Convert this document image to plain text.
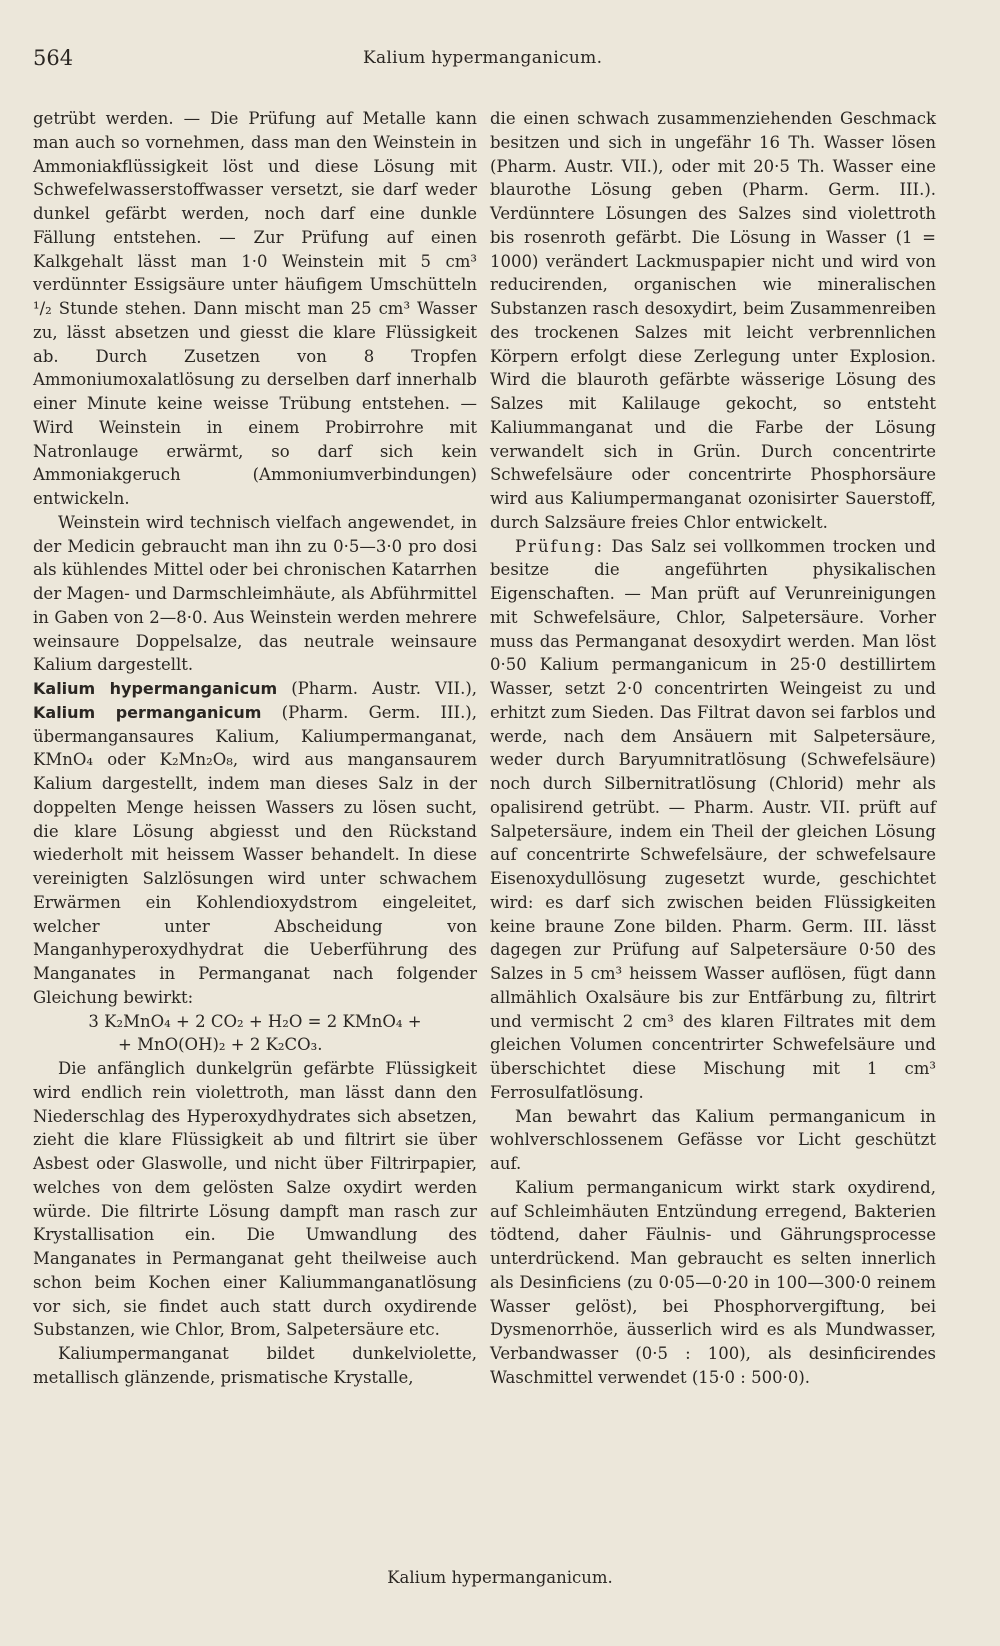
564	Kalium hypermanganicum.

getrübt werden. — Die Prüfung auf Metalle kann man auch so vornehmen, dass man den Weinstein in Ammoniakflüssigkeit löst und diese Lösung mit Schwefelwasserstoffwasser versetzt, sie darf weder dunkel gefärbt werden, noch darf eine dunkle Fällung entstehen. — Zur Prüfung auf einen Kalkgehalt lässt man 1·0 Weinstein mit 5 cm³ verdünnter Essigsäure unter häufigem Umschütteln ¹/₂ Stunde stehen. Dann mischt man 25 cm³ Wasser zu, lässt absetzen und giesst die klare Flüssigkeit ab. Durch Zusetzen von 8 Tropfen Ammoniumoxalatlösung zu derselben darf innerhalb einer Minute keine weisse Trübung entstehen. — Wird Weinstein in einem Probirrohre mit Natronlauge erwärmt, so darf sich kein Ammoniakgeruch (Ammoniumverbindungen) entwickeln.

Weinstein wird technisch vielfach angewendet, in der Medicin gebraucht man ihn zu 0·5—3·0 pro dosi als kühlendes Mittel oder bei chronischen Katarrhen der Magen- und Darmschleimhäute, als Abführmittel in Gaben von 2—8·0. Aus Weinstein werden mehrere weinsaure Doppelsalze, das neutrale weinsaure Kalium dargestellt.

Kalium hypermanganicum (Pharm. Austr. VII.), Kalium permanganicum (Pharm. Germ. III.), übermangansaures Kalium, Kaliumpermanganat, KMnO₄ oder K₂Mn₂O₈, wird aus mangansaurem Kalium dargestellt, indem man dieses Salz in der doppelten Menge heissen Wassers zu lösen sucht, die klare Lösung abgiesst und den Rückstand wiederholt mit heissem Wasser behandelt. In diese vereinigten Salzlösungen wird unter schwachem Erwärmen ein Kohlendioxydstrom eingeleitet, welcher unter Abscheidung von Manganhyperoxydhydrat die Ueberführung des Manganates in Permanganat nach folgender Gleichung bewirkt:

3 K₂MnO₄ + 2 CO₂ + H₂O = 2 KMnO₄ +

+ MnO(OH)₂ + 2 K₂CO₃.

Die anfänglich dunkelgrün gefärbte Flüssigkeit wird endlich rein violettroth, man lässt dann den Niederschlag des Hyperoxydhydrates sich absetzen, zieht die klare Flüssigkeit ab und filtrirt sie über Asbest oder Glaswolle, und nicht über Filtrirpapier, welches von dem gelösten Salze oxydirt werden würde. Die filtrirte Lösung dampft man rasch zur Krystallisation ein. Die Umwandlung des Manganates in Permanganat geht theilweise auch schon beim Kochen einer Kaliummanganatlösung vor sich, sie findet auch statt durch oxydirende Substanzen, wie Chlor, Brom, Salpetersäure etc.

Kaliumpermanganat bildet dunkelviolette, metallisch glänzende, prismatische Krystalle,

die einen schwach zusammenziehenden Geschmack besitzen und sich in ungefähr 16 Th. Wasser lösen (Pharm. Austr. VII.), oder mit 20·5 Th. Wasser eine blaurothe Lösung geben (Pharm. Germ. III.). Verdünntere Lösungen des Salzes sind violettroth bis rosenroth gefärbt. Die Lösung in Wasser (1 = 1000) verändert Lackmuspapier nicht und wird von reducirenden, organischen wie mineralischen Substanzen rasch desoxydirt, beim Zusammenreiben des trockenen Salzes mit leicht verbrennlichen Körpern erfolgt diese Zerlegung unter Explosion. Wird die blauroth gefärbte wässerige Lösung des Salzes mit Kalilauge gekocht, so entsteht Kaliummanganat und die Farbe der Lösung verwandelt sich in Grün. Durch concentrirte Schwefelsäure oder concentrirte Phosphorsäure wird aus Kaliumpermanganat ozonisirter Sauerstoff, durch Salzsäure freies Chlor entwickelt.

Prüfung: Das Salz sei vollkommen trocken und besitze die angeführten physikalischen Eigenschaften. — Man prüft auf Verunreinigungen mit Schwefelsäure, Chlor, Salpetersäure. Vorher muss das Permanganat desoxydirt werden. Man löst 0·50 Kalium permanganicum in 25·0 destillirtem Wasser, setzt 2·0 concentrirten Weingeist zu und erhitzt zum Sieden. Das Filtrat davon sei farblos und werde, nach dem Ansäuern mit Salpetersäure, weder durch Baryumnitratlösung (Schwefelsäure) noch durch Silbernitratlösung (Chlorid) mehr als opalisirend getrübt. — Pharm. Austr. VII. prüft auf Salpetersäure, indem ein Theil der gleichen Lösung auf concentrirte Schwefelsäure, der schwefelsaure Eisenoxydullösung zugesetzt wurde, geschichtet wird: es darf sich zwischen beiden Flüssigkeiten keine braune Zone bilden. Pharm. Germ. III. lässt dagegen zur Prüfung auf Salpetersäure 0·50 des Salzes in 5 cm³ heissem Wasser auflösen, fügt dann allmählich Oxalsäure bis zur Entfärbung zu, filtrirt und vermischt 2 cm³ des klaren Filtrates mit dem gleichen Volumen concentrirter Schwefelsäure und überschichtet diese Mischung mit 1 cm³ Ferrosulfatlösung.

Man bewahrt das Kalium permanganicum in wohlverschlossenem Gefässe vor Licht geschützt auf.

Kalium permanganicum wirkt stark oxydirend, auf Schleimhäuten Entzündung erregend, Bakterien tödtend, daher Fäulnis- und Gährungsprocesse unterdrückend. Man gebraucht es selten innerlich als Desinficiens (zu 0·05—0·20 in 100—300·0 reinem Wasser gelöst), bei Phosphorvergiftung, bei Dysmenorrhöe, äusserlich wird es als Mundwasser, Verbandwasser (0·5 : 100), als desinficirendes Waschmittel verwendet (15·0 : 500·0).

Kalium hypermanganicum.
